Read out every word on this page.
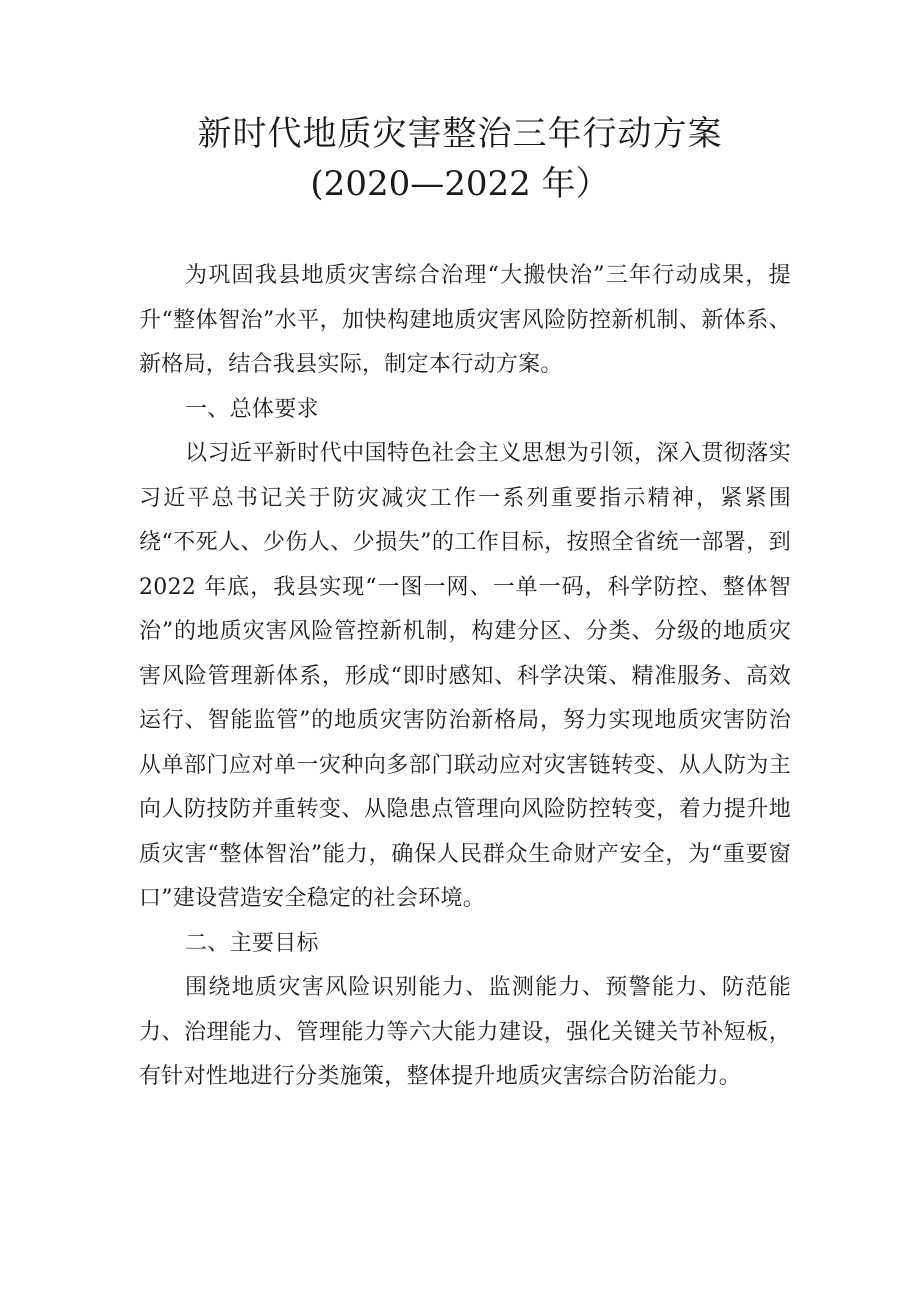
新时代地质灾害整治三年行动方案
(2020—2022 年）

为巩固我县地质灾害综合治理“大搬快治”三年行动成果，提升“整体智治”水平，加快构建地质灾害风险防控新机制、新体系、新格局，结合我县实际，制定本行动方案。

一、总体要求

以习近平新时代中国特色社会主义思想为引领，深入贯彻落实习近平总书记关于防灾减灾工作一系列重要指示精神，紧紧围绕“不死人、少伤人、少损失”的工作目标，按照全省统一部署，到 2022 年底，我县实现“一图一网、一单一码，科学防控、整体智治”的地质灾害风险管控新机制，构建分区、分类、分级的地质灾害风险管理新体系，形成“即时感知、科学决策、精准服务、高效运行、智能监管”的地质灾害防治新格局，努力实现地质灾害防治从单部门应对单一灾种向多部门联动应对灾害链转变、从人防为主向人防技防并重转变、从隐患点管理向风险防控转变，着力提升地质灾害“整体智治”能力，确保人民群众生命财产安全，为“重要窗口”建设营造安全稳定的社会环境。

二、主要目标

围绕地质灾害风险识别能力、监测能力、预警能力、防范能力、治理能力、管理能力等六大能力建设，强化关键关节补短板，有针对性地进行分类施策，整体提升地质灾害综合防治能力。
